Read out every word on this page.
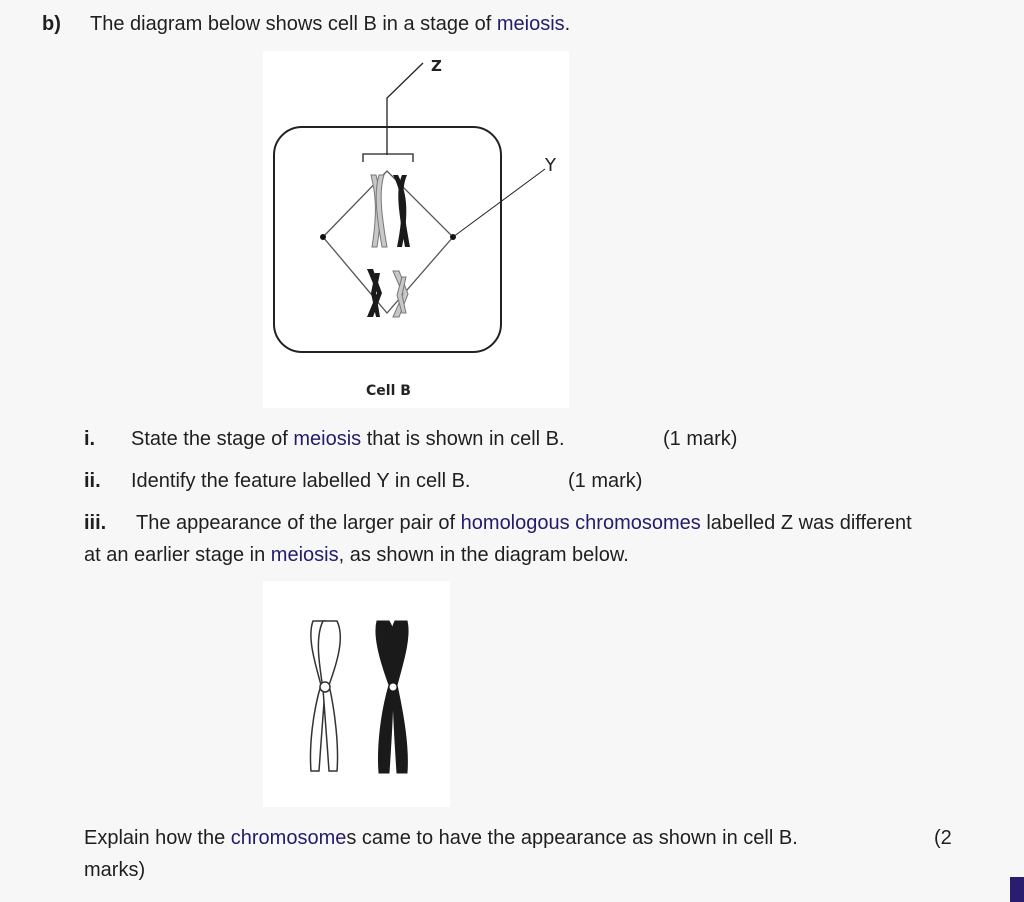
b) The diagram below shows cell B in a stage of meiosis.
Z
Y
Cell B
i. State the stage of meiosis that is shown in cell B.	(1 mark)
ii. Identify the feature labelled Y in cell B.	(1 mark)
iii. The appearance of the larger pair of homologous chromosomes labelled Z was different
at an earlier stage in meiosis, as shown in the diagram below.
Explain how the chromosomes came to have the appearance as shown in cell B.	(2
marks)
